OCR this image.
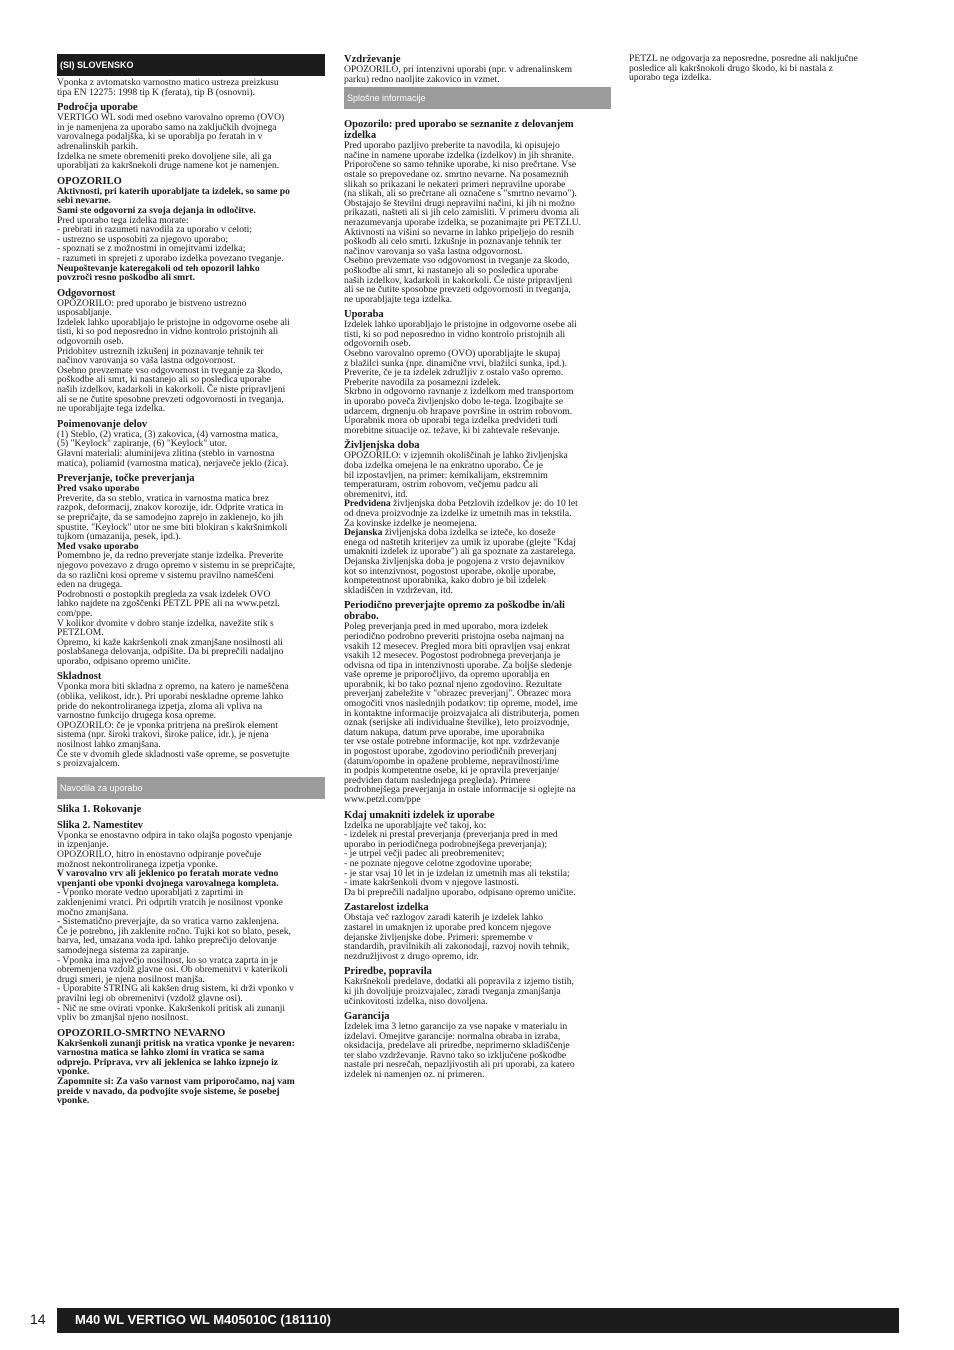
(SI) SLOVENSKO
Vponka z avtomatsko varnostno matico ustreza preizkusu
tipa EN 12275: 1998 tip K (ferata), tip B (osnovni).
Področja uporabe
VERTIGO WL sodi med osebno varovalno opremo (OVO)
in je namenjena za uporabo samo na zaključkih dvojnega
varovalnega podaljška, ki se uporablja po feratah in v
adrenalinskih parkih.
Izdelka ne smete obremeniti preko dovoljene sile, ali ga
uporabljati za kakršnekoli druge namene kot je namenjen.
OPOZORILO
Aktivnosti, pri katerih uporabljate ta izdelek, so same po
sebi nevarne.
Sami ste odgovorni za svoja dejanja in odločitve.
Pred uporabo tega izdelka morate:
- prebrati in razumeti navodila za uporabo v celoti;
- ustrezno se usposobiti za njegovo uporabo;
- spoznati se z možnostmi in omejitvami izdelka;
- razumeti in sprejeti z uporabo izdelka povezano tveganje.
Neupoštevanje kateregakoli od teh opozoril lahko
povzroči resno poškodbo ali smrt.
Odgovornost
OPOZORILO: pred uporabo je bistveno ustrezno
usposabljanje.
Izdelek lahko uporabljajo le pristojne in odgovorne osebe ali
tisti, ki so pod neposredno in vidno kontrolo pristojnih ali
odgovornih oseb.
Pridobitev ustreznih izkušenj in poznavanje tehnik ter
načinov varovanja so vaša lastna odgovornost.
Osebno prevzemate vso odgovornost in tveganje za škodo,
poškodbe ali smrt, ki nastanejo ali so posledica uporabe
naših izdelkov, kadarkoli in kakorkoli. Če niste pripravljeni
ali se ne čutite sposobne prevzeti odgovornosti in tveganja,
ne uporabljajte tega izdelka.
Poimenovanje delov
(1) Steblo, (2) vratica, (3) zakovica, (4) varnostna matica,
(5) "Keylock" zapiranje, (6) "Keylock" utor.
Glavni materiali: aluminijeva zlitina (steblo in varnostna
matica), poliamid (varnostna matica), nerjaveče jeklo (žica).
Preverjanje, točke preverjanja
Pred vsako uporabo
Preverite, da so steblo, vratica in varnostna matica brez
razpok, deformacij, znakov korozije, idr. Odprite vratica in
se prepričajte, da se samodejno zaprejo in zaklenejo, ko jih
spustite. "Keylock" utor ne sme biti blokiran s kakršnimkoli
tujkom (umazanija, pesek, ipd.).
Med vsako uporabo
Pomembno je, da redno preverjate stanje izdelka. Preverite
njegovo povezavo z drugo opremo v sistemu in se prepričajte,
da so različni kosi opreme v sistemu pravilno nameščeni
eden na drugega.
Podrobnosti o postopkih pregleda za vsak izdelek OVO
lahko najdete na zgoščenki PETZL PPE ali na www.petzl.
com/ppe.
V kolikor dvomite v dobro stanje izdelka, navežite stik s
PETZLOM.
Opremo, ki kaže kakršenkoli znak zmanjšane nosilnosti ali
poslabšanega delovanja, odpišite. Da bi preprečili nadaljno
uporabo, odpisano opremo uničite.
Skladnost
Vponka mora biti skladna z opremo, na katero je nameščena
(oblika, velikost, idr.). Pri uporabi neskladne opreme lahko
pride do nekontroliranega izpetja, zloma ali vpliva na
varnostno funkcijo drugega kosa opreme.
OPOZORILO: če je vponka pritrjena na preširok element
sistema (npr. široki trakovi, široke palice, idr.), je njena
nosilnost lahko zmanjšana.
Če ste v dvomih glede skladnosti vaše opreme, se posvetujte
s proizvajalcem.
Navodila za uporabo
Slika 1. Rokovanje
Slika 2. Namestitev
Vponka se enostavno odpira in tako olajša pogosto vpenjanje
in izpenjanje.
OPOZORILO, hitro in enostavno odpiranje povečuje
možnost nekontroliranega izpetja vponke.
V varovalno vrv ali jeklenico po feratah morate vedno
vpenjanti obe vponki dvojnega varovalnega kompleta.
- Vponko morate vedno uporabljati z zaprtimi in
zaklenjenimi vratci. Pri odprtih vratcih je nosilnost vponke
močno zmanjšana.
- Sistematično preverjajte, da so vratica varno zaklenjena.
Če je potrebno, jih zaklenite ročno. Tujki kot so blato, pesek,
barva, led, umazana voda ipd. lahko preprečijo delovanje
samodejnega sistema za zapiranje.
- Vponka ima največjo nosilnost, ko so vratca zaprta in je
obremenjena vzdolž glavne osi. Ob obremenitvi v katerikoli
drugi smeri, je njena nosilnost manjša.
- Uporabite STRING ali kakšen drug sistem, ki drži vponko v
pravilni legi ob obremenitvi (vzdolž glavne osi).
- Nič ne sme ovirati vponke. Kakršenkoli pritisk ali zunanji
vpliv bo zmanjšal njeno nosilnost.
OPOZORILO-SMRTNO NEVARNO
Kakršenkoli zunanji pritisk na vratica vponke je nevaren:
varnostna matica se lahko zlomi in vratica se sama
odprejo. Priprava, vrv ali jeklenica se lahko izpnejo iz
vponke.
Zapomnite si: Za vašo varnost vam priporočamo, naj vam
preide v navado, da podvojite svoje sisteme, še posebej
vponke.
Vzdrževanje
OPOZORILO, pri intenzivni uporabi (npr. v adrenalinskem
parku) redno naoljite zakovico in vzmet.
Splošne informacije
Opozorilo: pred uporabo se seznanite z delovanjem
izdelka
Pred uporabo pazljivo preberite ta navodila, ki opisujejo
načine in namene uporabe izdelka (izdelkov) in jih shranite.
Priporočene so samo tehnike uporabe, ki niso prečrtane. Vse
ostale so prepovedane oz. smrtno nevarne. Na posameznih
slikah so prikazani le nekateri primeri nepravilne uporabe
(na slikah, ali so prečrtane ali označene s "smrtno nevarno").
Obstajajo še številni drugi nepravilni načini, ki jih ni možno
prikazati, našteti ali si jih celo zamisliti. V primeru dvoma ali
nerazumevanja uporabe izdelka, se pozanimajte pri PETZLU.
Aktivnosti na višini so nevarne in lahko pripeljejo do resnih
poškodb ali celo smrti. Izkušnje in poznavanje tehnik ter
načinov varovanja so vaša lastna odgovornost.
Osebno prevzemate vso odgovornost in tveganje za škodo,
poškodbe ali smrt, ki nastanejo ali so posledica uporabe
naših izdelkov, kadarkoli in kakorkoli. Če niste pripravljeni
ali se ne čutite sposobne prevzeti odgovornosti in tveganja,
ne uporabljajte tega izdelka.
Uporaba
Izdelek lahko uporabljajo le pristojne in odgovorne osebe ali
tisti, ki so pod neposredno in vidno kontrolo pristojnih ali
odgovornih oseb.
Osebno varovalno opremo (OVO) uporabljajte le skupaj
z blažilci sunka (npr. dinamične vrvi, blažilci sunka, ipd.).
Preverite, če je ta izdelek združljiv z ostalo vašo opremo.
Preberite navodila za posamezni izdelek.
Skrbno in odgovorno ravnanje z izdelkom med transportom
in uporabo poveča življenjsko dobo le-tega. Izogibajte se
udarcem, drgnenju ob hrapave površine in ostrim robovom.
Uporabnik mora ob uporabi tega izdelka predvideti tudi
morebitne situacije oz. težave, ki bi zahtevale reševanje.
Življenjska doba
OPOZORILO: v izjemnih okoliščinah je lahko življenjska
doba izdelka omejena le na enkratno uporabo. Če je
bil izpostavljen, na primer: kemikalijam, ekstremnim
temperaturam, ostrim robovom, večjemu padcu ali
obremenitvi, itd.
Predvidena življenjska doba Petzlovih izdelkov je: do 10 let
od dneva proizvodnje za izdelke iz umetnih mas in tekstila.
Za kovinske izdelke je neomejena.
Dejanska življenjska doba izdelka se izteče, ko doseže
enega od naštetih kriterijev za umik iz uporabe (glejte "Kdaj
umakniti izdelek iz uporabe") ali ga spoznate za zastarelega.
Dejanska življenjska doba je pogojena z vrsto dejavnikov
kot so intenzivnost, pogostost uporabe, okolje uporabe,
kompetentnost uporabnika, kako dobro je bil izdelek
skladiščen in vzdrževan, itd.
Periodično preverjajte opremo za poškodbe in/ali
obrabo.
Poleg preverjanja pred in med uporabo, mora izdelek
periodično podrobno preveriti pristojna oseba najmanj na
vsakih 12 mesecev. Pregled mora biti opravljen vsaj enkrat
vsakih 12 mesecev. Pogostost podrobnega preverjanja je
odvisna od tipa in intenzivnosti uporabe. Za boljše sledenje
vaše opreme je priporočljivo, da opremo uporablja en
uporabnik, ki bo tako poznal njeno zgodovino. Rezultate
preverjanj zabeležite v "obrazec preverjanj". Obrazec mora
omogočiti vnos naslednjih podatkov: tip opreme, model, ime
in kontaktne informacije proizvajalca ali distributerja, pomen
oznak (serijske ali individualne številke), leto proizvodnje,
datum nakupa, datum prve uporabe, ime uporabnika
ter vse ostale potrebne informacije, kot npr. vzdrževanje
in pogostost uporabe, zgodovino periodičnih preverjanj
(datum/opombe in opažene probleme, nepravilnosti/ime
in podpis kompetentne osebe, ki je opravila preverjanje/
predviden datum naslednjega pregleda). Primere
podrobnejšega preverjanja in ostale informacije si oglejte na
www.petzl.com/ppe
Kdaj umakniti izdelek iz uporabe
Izdelka ne uporabljajte več takoj, ko:
- izdelek ni prestal preverjanja (preverjanja pred in med
uporabo in periodičnega podrobnejšega preverjanja);
- je utrpel večji padec ali preobremenitev;
- ne poznate njegove celotne zgodovine uporabe;
- je star vsaj 10 let in je izdelan iz umetnih mas ali tekstila;
- imate kakršenkoli dvom v njegove lastnosti.
Da bi preprečili nadaljno uporabo, odpisano opremo uničite.
Zastarelost izdelka
Obstaja več razlogov zaradi katerih je izdelek lahko
zastarel in umaknjen iz uporabe pred koncem njegove
dejanske življenjske dobe. Primeri: spremembe v
standardih, pravilnikih ali zakonodaji, razvoj novih tehnik,
nezdružljivost z drugo opremo, idr.
Priredbe, popravila
Kakršnekoli predelave, dodatki ali popravila z izjemo tistih,
ki jih dovoljuje proizvajalec, zaradi tveganja zmanjšanja
učinkovitosti izdelka, niso dovoljena.
Garancija
Izdelek ima 3 letno garancijo za vse napake v materialu in
izdelavi. Omejitve garancije: normalna obraba in izraba,
oksidacija, predelave ali priredbe, neprimerno skladiščenje
ter slabo vzdrževanje. Ravno tako so izključene poškodbe
nastale pri nesrečah, nepazljivostih ali pri uporabi, za katero
izdelek ni namenjen oz. ni primeren.
PETZL ne odgovarja za neposredne, posredne ali naključne
posledice ali kakršnokoli drugo škodo, ki bi nastala z
uporabo tega izdelka.
14 M40 WL VERTIGO WL M405010C (181110)
